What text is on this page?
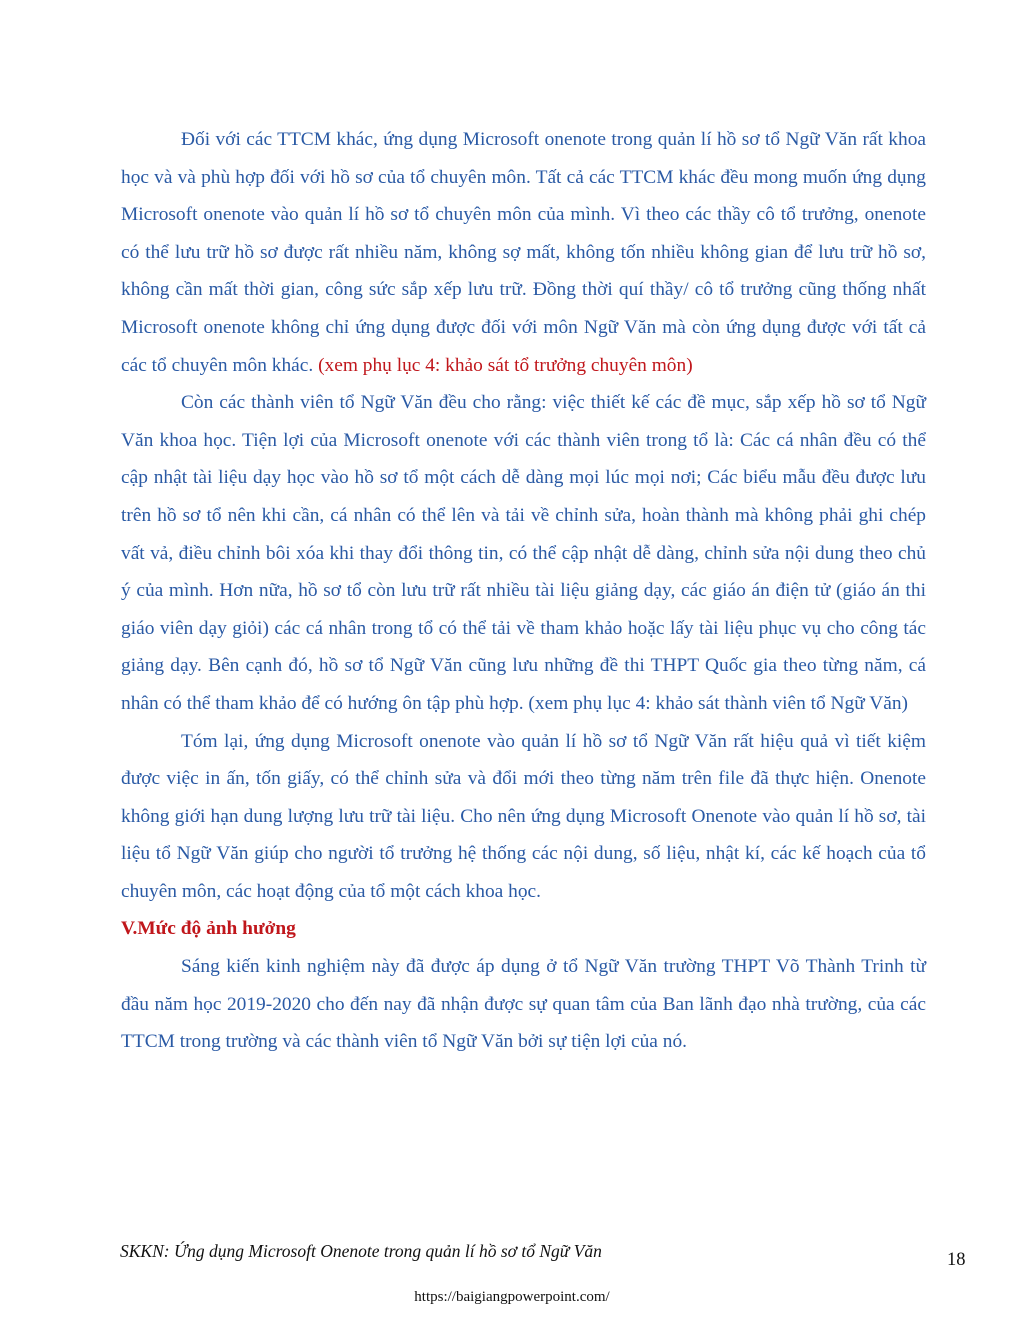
Đối với các TTCM khác, ứng dụng Microsoft onenote trong quản lí hồ sơ tổ Ngữ Văn rất khoa học và và phù hợp đối với hồ sơ của tổ chuyên môn. Tất cả các TTCM khác đều mong muốn ứng dụng Microsoft onenote vào quản lí hồ sơ tổ chuyên môn của mình. Vì theo các thầy cô tổ trưởng, onenote có thể lưu trữ hồ sơ được rất nhiều năm, không sợ mất, không tốn nhiều không gian để lưu trữ hồ sơ, không cần mất thời gian, công sức sắp xếp lưu trữ. Đồng thời quí thầy/ cô tổ trưởng cũng thống nhất Microsoft onenote không chỉ ứng dụng được đối với môn Ngữ Văn mà còn ứng dụng được với tất cả các tổ chuyên môn khác. (xem phụ lục 4: khảo sát tổ trưởng chuyên môn)

Còn các thành viên tổ Ngữ Văn đều cho rằng: việc thiết kế các đề mục, sắp xếp hồ sơ tổ Ngữ Văn khoa học. Tiện lợi của Microsoft onenote với các thành viên trong tổ là: Các cá nhân đều có thể cập nhật tài liệu dạy học vào hồ sơ tổ một cách dễ dàng mọi lúc mọi nơi; Các biểu mẫu đều được lưu trên hồ sơ tổ nên khi cần, cá nhân có thể lên và tải về chỉnh sửa, hoàn thành mà không phải ghi chép vất vả, điều chỉnh bôi xóa khi thay đổi thông tin, có thể cập nhật dễ dàng, chỉnh sửa nội dung theo chủ ý của mình. Hơn nữa, hồ sơ tổ còn lưu trữ rất nhiều tài liệu giảng dạy, các giáo án điện tử (giáo án thi giáo viên dạy giỏi) các cá nhân trong tổ có thể tải về tham khảo hoặc lấy tài liệu phục vụ cho công tác giảng dạy. Bên cạnh đó, hồ sơ tổ Ngữ Văn cũng lưu những đề thi THPT Quốc gia theo từng năm, cá nhân có thể tham khảo để có hướng ôn tập phù hợp. (xem phụ lục 4: khảo sát thành viên tổ Ngữ Văn)

Tóm lại, ứng dụng Microsoft onenote vào quản lí hồ sơ tổ Ngữ Văn rất hiệu quả vì tiết kiệm được việc in ấn, tốn giấy, có thể chỉnh sửa và đổi mới theo từng năm trên file đã thực hiện. Onenote không giới hạn dung lượng lưu trữ tài liệu. Cho nên ứng dụng Microsoft Onenote vào quản lí hồ sơ, tài liệu tổ Ngữ Văn giúp cho người tổ trưởng hệ thống các nội dung, số liệu, nhật kí, các kế hoạch của tổ chuyên môn, các hoạt động của tổ một cách khoa học.

V.Mức độ ảnh hưởng

Sáng kiến kinh nghiệm này đã được áp dụng ở tổ Ngữ Văn trường THPT Võ Thành Trinh từ đầu năm học 2019-2020 cho đến nay đã nhận được sự quan tâm của Ban lãnh đạo nhà trường, của các TTCM trong trường và các thành viên tổ Ngữ Văn bởi sự tiện lợi của nó.

SKKN: Ứng dụng Microsoft Onenote trong quản lí hồ sơ tổ Ngữ Văn	18
https://baigiangpowerpoint.com/
